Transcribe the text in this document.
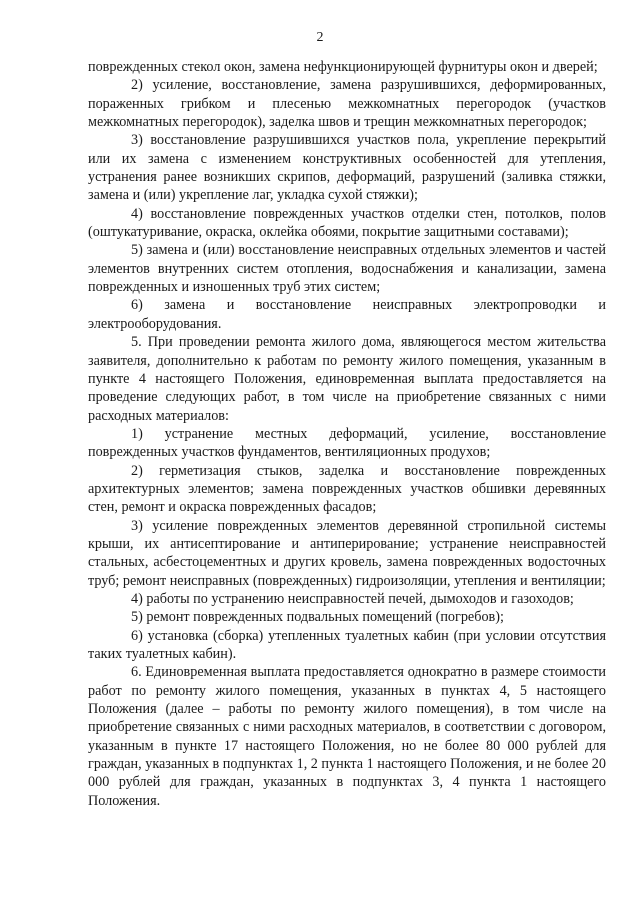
2

поврежденных стекол окон, замена нефункционирующей фурнитуры окон и дверей;

2) усиление, восстановление, замена разрушившихся, деформированных, пораженных грибком и плесенью межкомнатных перегородок (участков межкомнатных перегородок), заделка швов и трещин межкомнатных перегородок;

3) восстановление разрушившихся участков пола, укрепление перекрытий или их замена с изменением конструктивных особенностей для утепления, устранения ранее возникших скрипов, деформаций, разрушений (заливка стяжки, замена и (или) укрепление лаг, укладка сухой стяжки);

4) восстановление поврежденных участков отделки стен, потолков, полов (оштукатуривание, окраска, оклейка обоями, покрытие защитными составами);

5) замена и (или) восстановление неисправных отдельных элементов и частей элементов внутренних систем отопления, водоснабжения и канализации, замена поврежденных и изношенных труб этих систем;

6) замена и восстановление неисправных электропроводки и электрооборудования.

5. При проведении ремонта жилого дома, являющегося местом жительства заявителя, дополнительно к работам по ремонту жилого помещения, указанным в пункте 4 настоящего Положения, единовременная выплата предоставляется на проведение следующих работ, в том числе на приобретение связанных с ними расходных материалов:

1) устранение местных деформаций, усиление, восстановление поврежденных участков фундаментов, вентиляционных продухов;

2) герметизация стыков, заделка и восстановление поврежденных архитектурных элементов; замена поврежденных участков обшивки деревянных стен, ремонт и окраска поврежденных фасадов;

3) усиление поврежденных элементов деревянной стропильной системы крыши, их антисептирование и антиперирование; устранение неисправностей стальных, асбестоцементных и других кровель, замена поврежденных водосточных труб; ремонт неисправных (поврежденных) гидроизоляции, утепления и вентиляции;

4) работы по устранению неисправностей печей, дымоходов и газоходов;

5) ремонт поврежденных подвальных помещений (погребов);

6) установка (сборка) утепленных туалетных кабин (при условии отсутствия таких туалетных кабин).

6. Единовременная выплата предоставляется однократно в размере стоимости работ по ремонту жилого помещения, указанных в пунктах 4, 5 настоящего Положения (далее – работы по ремонту жилого помещения), в том числе на приобретение связанных с ними расходных материалов, в соответствии с договором, указанным в пункте 17 настоящего Положения, но не более 80 000 рублей для граждан, указанных в подпунктах 1, 2 пункта 1 настоящего Положения, и не более 20 000 рублей для граждан, указанных в подпунктах 3, 4 пункта 1 настоящего Положения.
